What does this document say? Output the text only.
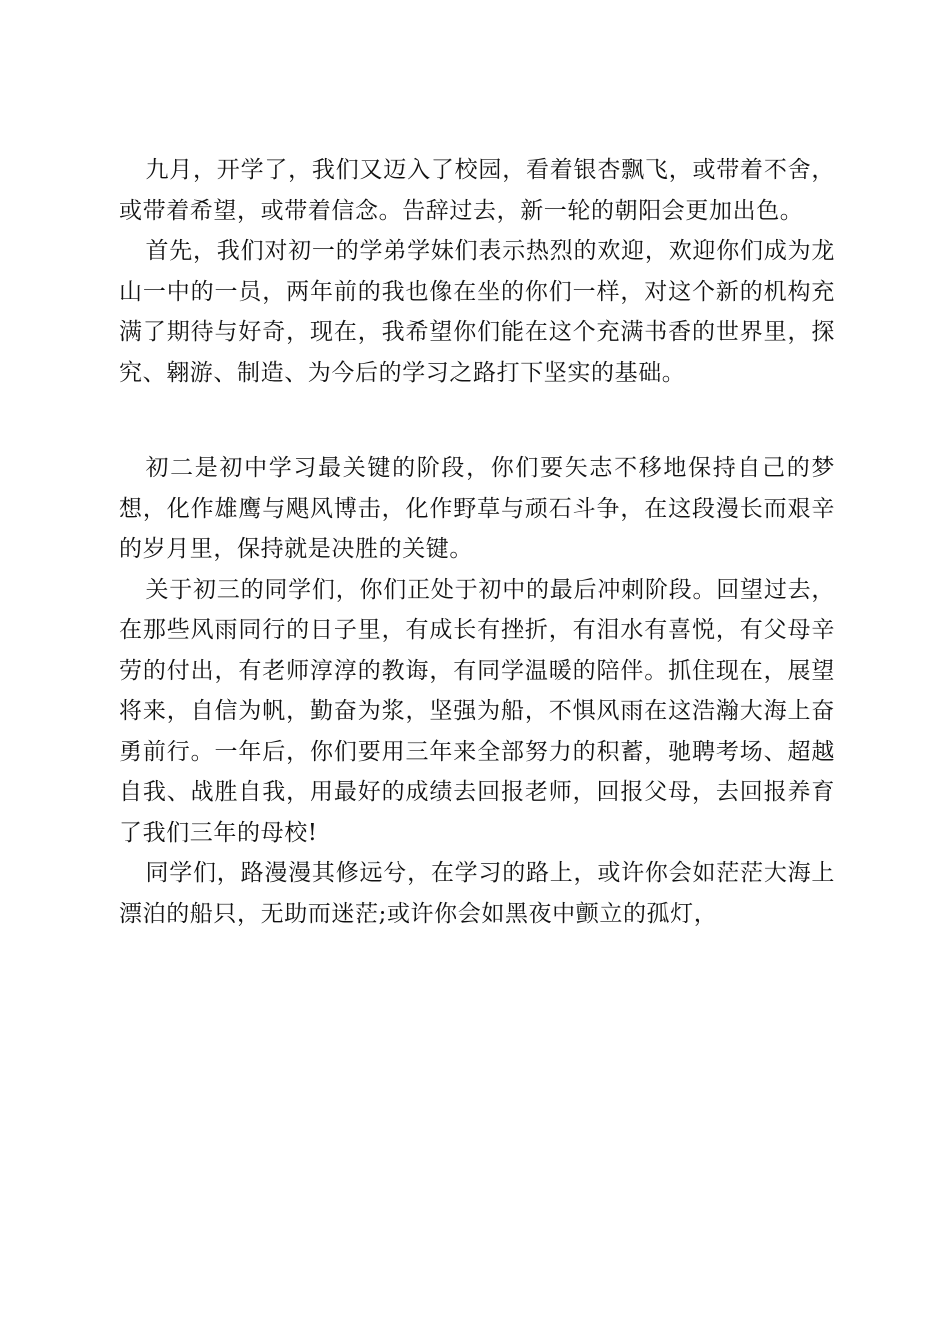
九月，开学了，我们又迈入了校园，看着银杏飘飞，或带着不舍，或带着希望，或带着信念。告辞过去，新一轮的朝阳会更加出色。

首先，我们对初一的学弟学妹们表示热烈的欢迎，欢迎你们成为龙山一中的一员，两年前的我也像在坐的你们一样，对这个新的机构充满了期待与好奇，现在，我希望你们能在这个充满书香的世界里，探究、翱游、制造、为今后的学习之路打下坚实的基础。

初二是初中学习最关键的阶段，你们要矢志不移地保持自己的梦想，化作雄鹰与飓风博击，化作野草与顽石斗争，在这段漫长而艰辛的岁月里，保持就是决胜的关键。

关于初三的同学们，你们正处于初中的最后冲刺阶段。回望过去，在那些风雨同行的日子里，有成长有挫折，有泪水有喜悦，有父母辛劳的付出，有老师淳淳的教诲，有同学温暖的陪伴。抓住现在，展望将来，自信为帆，勤奋为浆，坚强为船，不惧风雨在这浩瀚大海上奋勇前行。一年后，你们要用三年来全部努力的积蓄，驰聘考场、超越自我、战胜自我，用最好的成绩去回报老师，回报父母，去回报养育了我们三年的母校!

同学们，路漫漫其修远兮，在学习的路上，或许你会如茫茫大海上漂泊的船只，无助而迷茫;或许你会如黑夜中颤立的孤灯，
